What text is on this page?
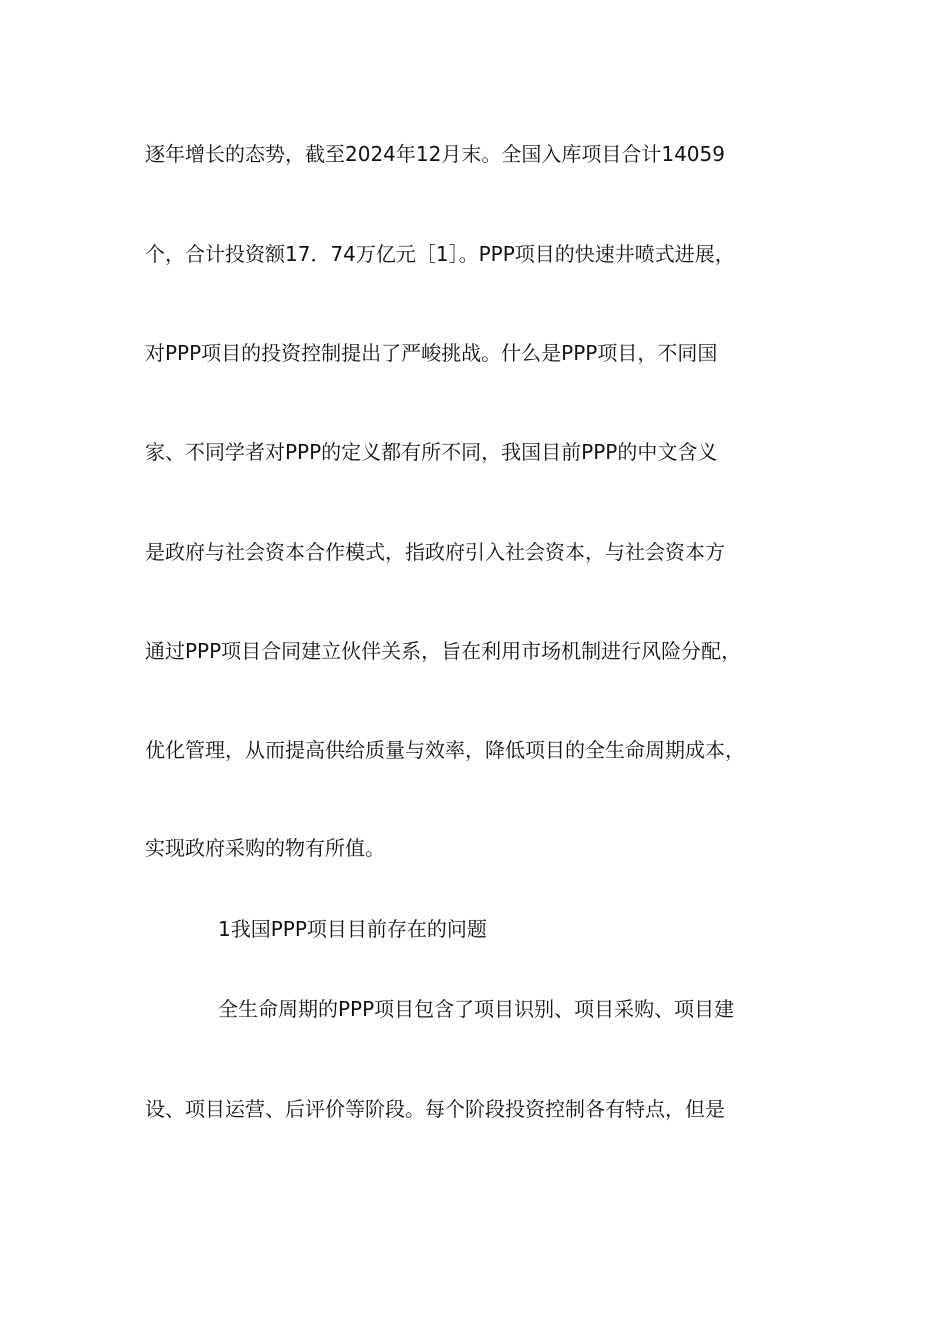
逐年增长的态势，截至2024年12月末。全国入库项目合计14059
个，合计投资额17．74万亿元［1］。PPP项目的快速井喷式进展，
对PPP项目的投资控制提出了严峻挑战。什么是PPP项目，不同国
家、不同学者对PPP的定义都有所不同，我国目前PPP的中文含义
是政府与社会资本合作模式，指政府引入社会资本，与社会资本方
通过PPP项目合同建立伙伴关系，旨在利用市场机制进行风险分配，
优化管理，从而提高供给质量与效率，降低项目的全生命周期成本，
实现政府采购的物有所值。
1我国PPP项目目前存在的问题
全生命周期的PPP项目包含了项目识别、项目采购、项目建
设、项目运营、后评价等阶段。每个阶段投资控制各有特点，但是
